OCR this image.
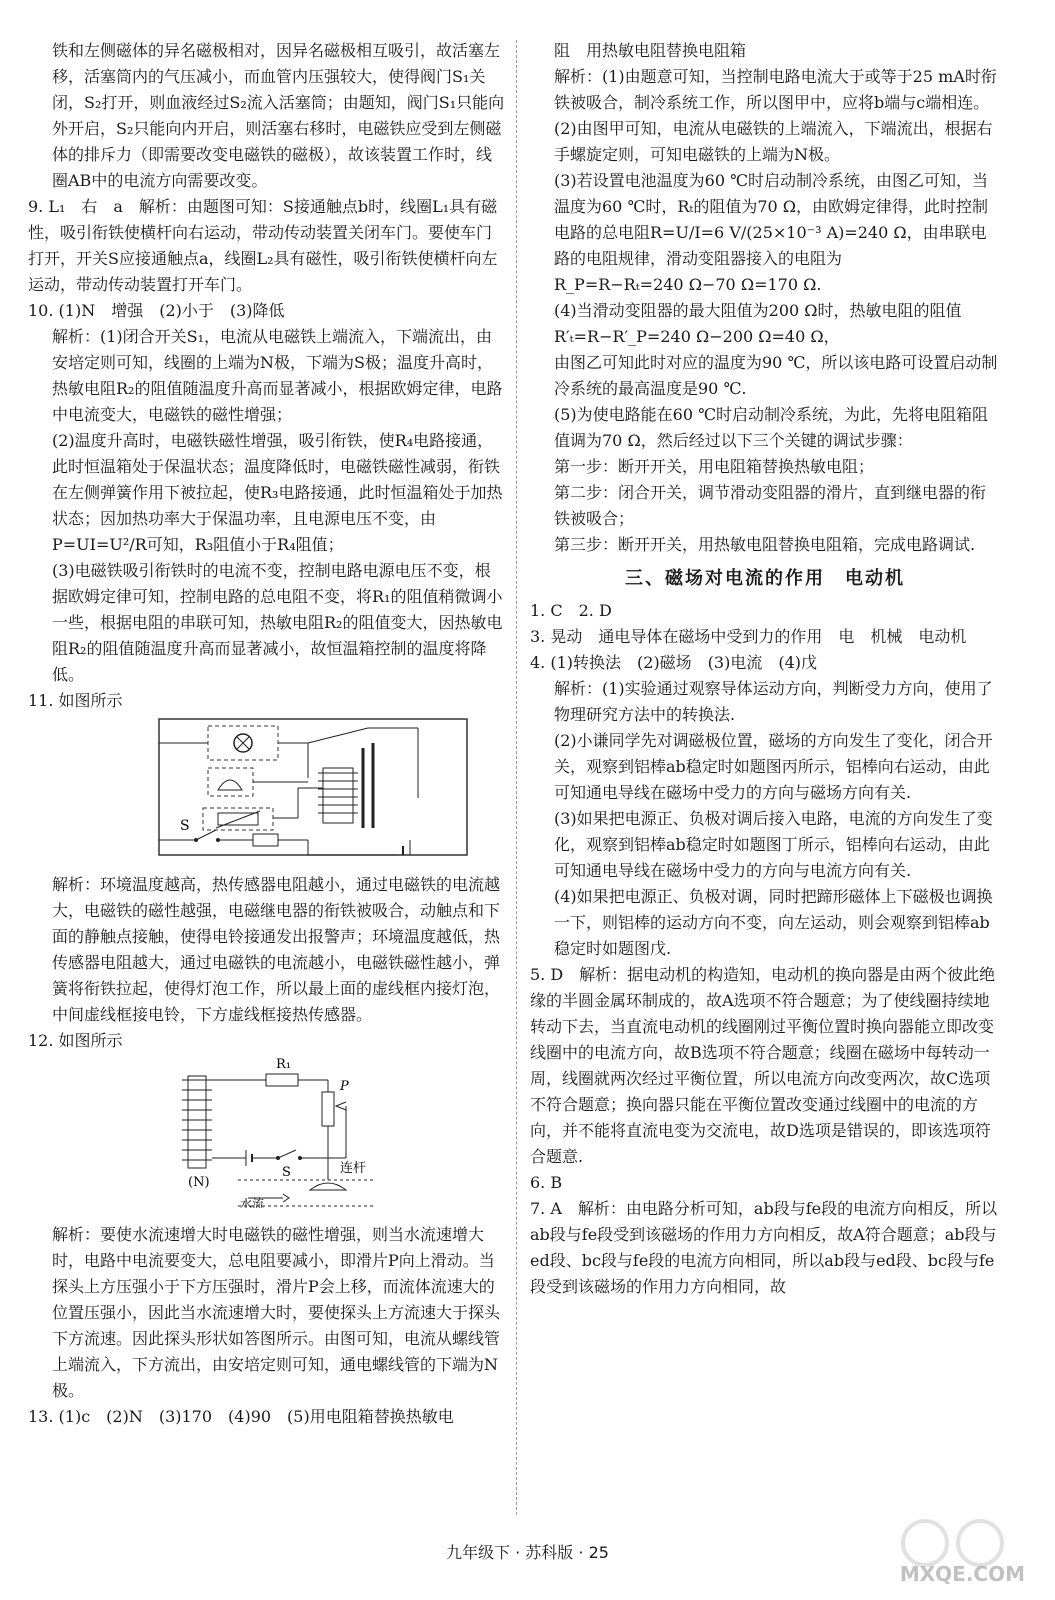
铁和左侧磁体的异名磁极相对，因异名磁极相互吸引，故活塞左移，活塞筒内的气压减小，而血管内压强较大，使得阀门S₁关闭，S₂打开，则血液经过S₂流入活塞筒；由题知，阀门S₁只能向外开启，S₂只能向内开启，则活塞右移时，电磁铁应受到左侧磁体的排斥力（即需要改变电磁铁的磁极），故该装置工作时，线圈AB中的电流方向需要改变。

9. L₁　右　a　解析：由题图可知：S接通触点b时，线圈L₁具有磁性，吸引衔铁使横杆向右运动，带动传动装置关闭车门。要使车门打开，开关S应接通触点a，线圈L₂具有磁性，吸引衔铁使横杆向左运动，带动传动装置打开车门。

10. (1)N　增强　(2)小于　(3)降低

解析：(1)闭合开关S₁，电流从电磁铁上端流入，下端流出，由安培定则可知，线圈的上端为N极，下端为S极；温度升高时，热敏电阻R₂的阻值随温度升高而显著减小，根据欧姆定律，电路中电流变大，电磁铁的磁性增强；

(2)温度升高时，电磁铁磁性增强，吸引衔铁，使R₄电路接通，此时恒温箱处于保温状态；温度降低时，电磁铁磁性减弱，衔铁在左侧弹簧作用下被拉起，使R₃电路接通，此时恒温箱处于加热状态；因加热功率大于保温功率，且电源电压不变，由P=UI=U²/R可知，R₃阻值小于R₄阻值；

(3)电磁铁吸引衔铁时的电流不变，控制电路电源电压不变，根据欧姆定律可知，控制电路的总电阻不变，将R₁的阻值稍微调小一些，根据电阻的串联可知，热敏电阻R₂的阻值变大，因热敏电阻R₂的阻值随温度升高而显著减小，故恒温箱控制的温度将降低。

11. 如图所示

S

解析：环境温度越高，热传感器电阻越小，通过电磁铁的电流越大，电磁铁的磁性越强，电磁继电器的衔铁被吸合，动触点和下面的静触点接触，使得电铃接通发出报警声；环境温度越低，热传感器电阻越大，通过电磁铁的电流越小，电磁铁磁性越小，弹簧将衔铁拉起，使得灯泡工作，所以最上面的虚线框内接灯泡，中间虚线框接电铃，下方虚线框接热传感器。

12. 如图所示

(N)
R₁
P
S	连杆
水流

解析：要使水流速增大时电磁铁的磁性增强，则当水流速增大时，电路中电流要变大，总电阻要减小，即滑片P向上滑动。当探头上方压强小于下方压强时，滑片P会上移，而流体流速大的位置压强小，因此当水流速增大时，要使探头上方流速大于探头下方流速。因此探头形状如答图所示。由图可知，电流从螺线管上端流入，下方流出，由安培定则可知，通电螺线管的下端为N极。

13. (1)c　(2)N　(3)170　(4)90　(5)用电阻箱替换热敏电

阻　用热敏电阻替换电阻箱

解析：(1)由题意可知，当控制电路电流大于或等于25 mA时衔铁被吸合，制冷系统工作，所以图甲中，应将b端与c端相连。

(2)由图甲可知，电流从电磁铁的上端流入，下端流出，根据右手螺旋定则，可知电磁铁的上端为N极。

(3)若设置电池温度为60 ℃时启动制冷系统，由图乙可知，当温度为60 ℃时，Rₜ的阻值为70 Ω，由欧姆定律得，此时控制电路的总电阻R=U/I=6 V/(25×10⁻³ A)=240 Ω，由串联电路的电阻规律，滑动变阻器接入的电阻为

R_P=R−Rₜ=240 Ω−70 Ω=170 Ω.

(4)当滑动变阻器的最大阻值为200 Ω时，热敏电阻的阻值

R′ₜ=R−R′_P=240 Ω−200 Ω=40 Ω，

由图乙可知此时对应的温度为90 ℃，所以该电路可设置启动制冷系统的最高温度是90 ℃.

(5)为使电路能在60 ℃时启动制冷系统，为此，先将电阻箱阻值调为70 Ω，然后经过以下三个关键的调试步骤：

第一步：断开开关，用电阻箱替换热敏电阻；

第二步：闭合开关，调节滑动变阻器的滑片，直到继电器的衔铁被吸合；

第三步：断开开关，用热敏电阻替换电阻箱，完成电路调试.

三、磁场对电流的作用　电动机

1. C　2. D

3. 晃动　通电导体在磁场中受到力的作用　电　机械　电动机

4. (1)转换法　(2)磁场　(3)电流　(4)戊

解析：(1)实验通过观察导体运动方向，判断受力方向，使用了物理研究方法中的转换法.

(2)小谦同学先对调磁极位置，磁场的方向发生了变化，闭合开关，观察到铝棒ab稳定时如题图丙所示，铝棒向右运动，由此可知通电导线在磁场中受力的方向与磁场方向有关.

(3)如果把电源正、负极对调后接入电路，电流的方向发生了变化，观察到铝棒ab稳定时如题图丁所示，铝棒向右运动，由此可知通电导线在磁场中受力的方向与电流方向有关.

(4)如果把电源正、负极对调，同时把蹄形磁体上下磁极也调换一下，则铝棒的运动方向不变，向左运动，则会观察到铝棒ab稳定时如题图戊.

5. D　解析：据电动机的构造知，电动机的换向器是由两个彼此绝缘的半圆金属环制成的，故A选项不符合题意；为了使线圈持续地转动下去，当直流电动机的线圈刚过平衡位置时换向器能立即改变线圈中的电流方向，故B选项不符合题意；线圈在磁场中每转动一周，线圈就两次经过平衡位置，所以电流方向改变两次，故C选项不符合题意；换向器只能在平衡位置改变通过线圈中的电流的方向，并不能将直流电变为交流电，故D选项是错误的，即该选项符合题意.

6. B

7. A　解析：由电路分析可知，ab段与fe段的电流方向相反，所以ab段与fe段受到该磁场的作用力方向相反，故A符合题意；ab段与ed段、bc段与fe段的电流方向相同，所以ab段与ed段、bc段与fe段受到该磁场的作用力方向相同，故

九年级下 · 苏科版 · 25
MXQE.COM
